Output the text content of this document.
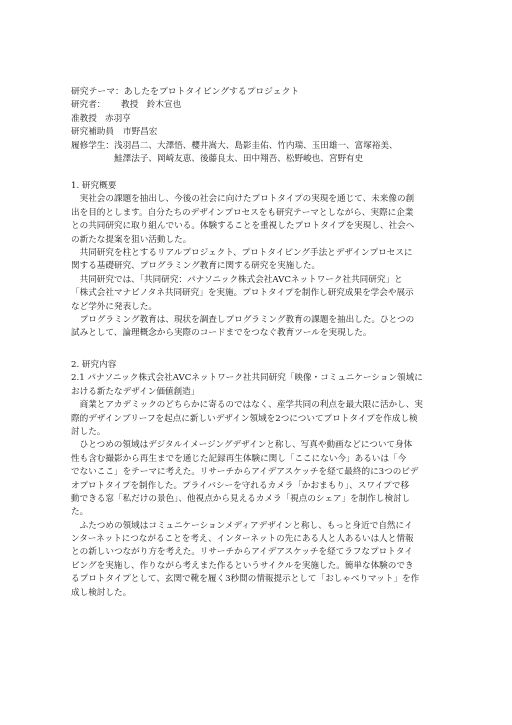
研究テーマ：あしたをプロトタイピングするプロジェクト
研究者：	教授　鈴木宣也
准教授 赤羽亨
研究補助員	市野昌宏
履修学生： 浅羽昌二、大澤悟、櫻井嵩大、島影圭佑、竹内瑞、玉田雄一、富塚裕美、
鮭澤法子、岡崎友恵、後藤良太、田中翔吾、松野峻也、宮野有史
1. 研究概要
実社会の課題を抽出し、今後の社会に向けたプロトタイプの実現を通じて、未来像の創
出を目的とします。自分たちのデザインプロセスをも研究テーマとしながら、実際に企業
との共同研究に取り組んでいる。体験することを重視したプロトタイプを実現し、社会へ
の新たな提案を狙い活動した。
共同研究を柱とするリアルプロジェクト、プロトタイピング手法とデザインプロセスに
関する基礎研究、プログラミング教育に関する研究を実施した。
共同研究では、「共同研究：パナソニック株式会社AVCネットワーク社共同研究」と
「株式会社マナビノタネ共同研究」を実施。プロトタイプを制作し研究成果を学会や展示
など学外に発表した。
プログラミング教育は、現状を調査しプログラミング教育の課題を抽出した。ひとつの
試みとして、論理概念から実際のコードまでをつなぐ教育ツールを実現した。
2. 研究内容
2.1 パナソニック株式会社AVCネットワーク社共同研究「映像・コミュニケーション領域に
おける新たなデザイン価値創造」
商業とアカデミックのどちらかに寄るのではなく、産学共同の利点を最大限に活かし、実
際的デザインブリーフを起点に新しいデザイン領域を2つについてプロトタイプを作成し検
討した。
ひとつめの領域はデジタルイメージングデザインと称し、写真や動画などについて身体
性も含む撮影から再生までを通じた記録再生体験に関し「ここにない今」あるいは「今
でないここ」をテーマに考えた。リサーチからアイデアスケッチを経て最終的に3つのビデ
オプロトタイプを制作した。プライバシーを守れるカメラ「かおまもり」、スワイプで移
動できる窓「私だけの景色」、他視点から見えるカメラ「視点のシェア」を制作し検討し
た。
ふたつめの領域はコミュニケーションメディアデザインと称し、もっと身近で自然にイ
ンターネットにつながることを考え、インターネットの先にある人と人あるいは人と情報
との新しいつながり方を考えた。リサーチからアイデアスケッチを経てラフなプロトタイ
ピングを実施し、作りながら考えまた作るというサイクルを実施した。簡単な体験のでき
るプロトタイプとして、玄関で靴を履く3秒間の情報提示として「おしゃべりマット」を作
成し検討した。
